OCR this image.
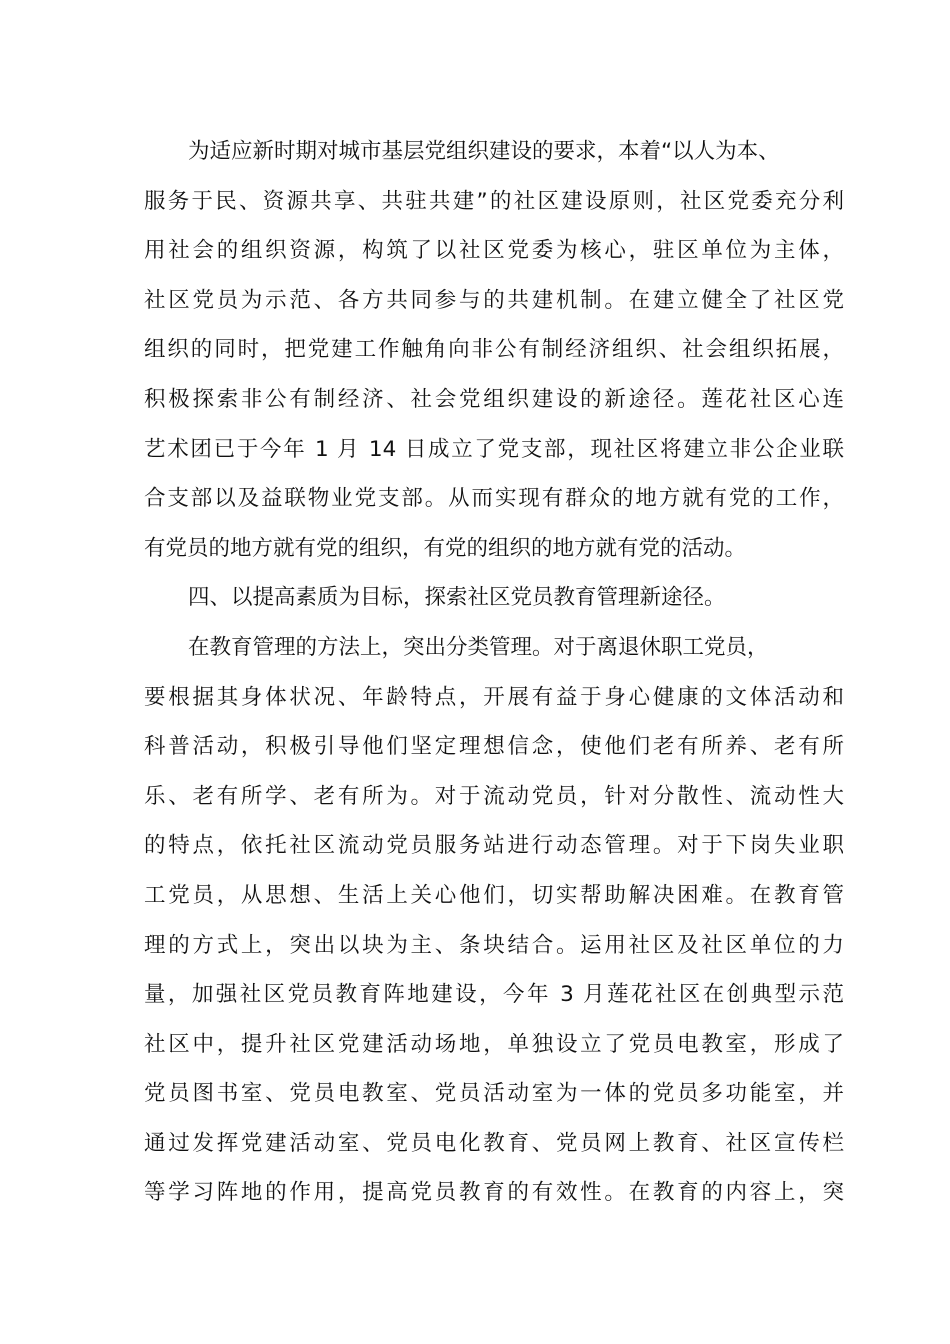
为适应新时期对城市基层党组织建设的要求，本着“以人为本、
服务于民、资源共享、共驻共建”的社区建设原则，社区党委充分利
用社会的组织资源，构筑了以社区党委为核心，驻区单位为主体，
社区党员为示范、各方共同参与的共建机制。在建立健全了社区党
组织的同时，把党建工作触角向非公有制经济组织、社会组织拓展，
积极探索非公有制经济、社会党组织建设的新途径。莲花社区心连
艺术团已于今年 1 月 14 日成立了党支部，现社区将建立非公企业联
合支部以及益联物业党支部。从而实现有群众的地方就有党的工作，
有党员的地方就有党的组织，有党的组织的地方就有党的活动。
四、以提高素质为目标，探索社区党员教育管理新途径。
在教育管理的方法上，突出分类管理。对于离退休职工党员，
要根据其身体状况、年龄特点，开展有益于身心健康的文体活动和
科普活动，积极引导他们坚定理想信念，使他们老有所养、老有所
乐、老有所学、老有所为。对于流动党员，针对分散性、流动性大
的特点，依托社区流动党员服务站进行动态管理。对于下岗失业职
工党员，从思想、生活上关心他们，切实帮助解决困难。在教育管
理的方式上，突出以块为主、条块结合。运用社区及社区单位的力
量，加强社区党员教育阵地建设，今年 3 月莲花社区在创典型示范
社区中，提升社区党建活动场地，单独设立了党员电教室，形成了
党员图书室、党员电教室、党员活动室为一体的党员多功能室，并
通过发挥党建活动室、党员电化教育、党员网上教育、社区宣传栏
等学习阵地的作用，提高党员教育的有效性。在教育的内容上，突
